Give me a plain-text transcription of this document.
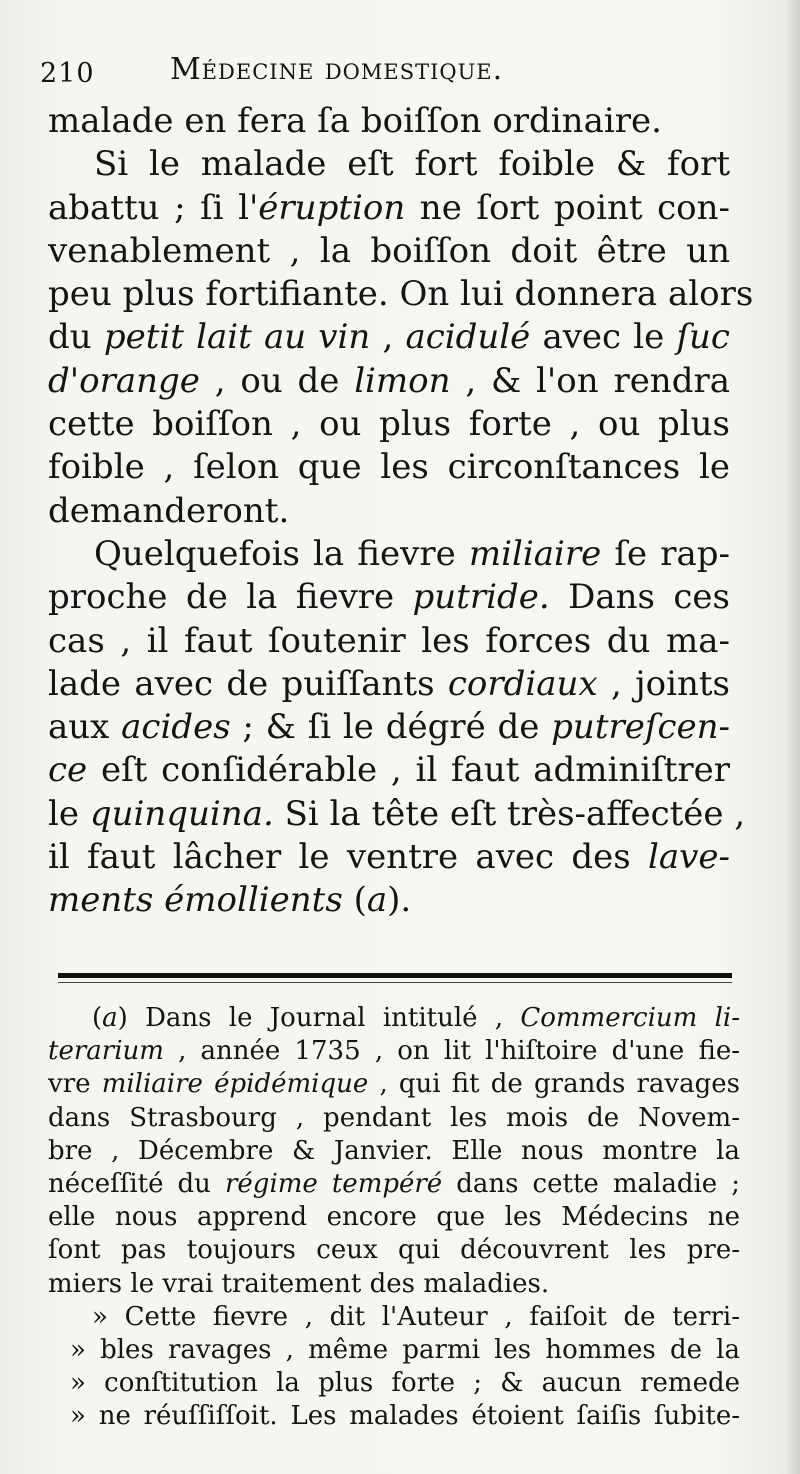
210	Médecine domestique.
malade en fera ſa boiſſon ordinaire.
Si le malade eſt fort foible & fort
abattu ; ſi l'éruption ne ſort point con-
venablement , la boiſſon doit être un
peu plus fortifiante. On lui donnera alors
du petit lait au vin , acidulé avec le ſuc
d'orange , ou de limon , & l'on rendra
cette boiſſon , ou plus forte , ou plus
foible , ſelon que les circonſtances le
demanderont.
Quelquefois la fievre miliaire ſe rap-
proche de la fievre putride. Dans ces
cas , il faut ſoutenir les forces du ma-
lade avec de puiſſants cordiaux , joints
aux acides ; & ſi le dégré de putreſcen-
ce eſt conſidérable , il faut adminiſtrer
le quinquina. Si la tête eſt très-affectée ,
il faut lâcher le ventre avec des lave-
ments émollients (a).
(a) Dans le Journal intitulé , Commercium li-
terarium , année 1735 , on lit l'hiſtoire d'une fie-
vre miliaire épidémique , qui fit de grands ravages
dans Strasbourg , pendant les mois de Novem-
bre , Décembre & Janvier. Elle nous montre la
néceſſité du régime tempéré dans cette maladie ;
elle nous apprend encore que les Médecins ne
ſont pas toujours ceux qui découvrent les pre-
miers le vrai traitement des maladies.
» Cette fievre , dit l'Auteur , faiſoit de terri-
» bles ravages , même parmi les hommes de la
» conſtitution la plus forte ; & aucun remede
» ne réuſſiſſoit. Les malades étoient ſaiſis ſubite-
